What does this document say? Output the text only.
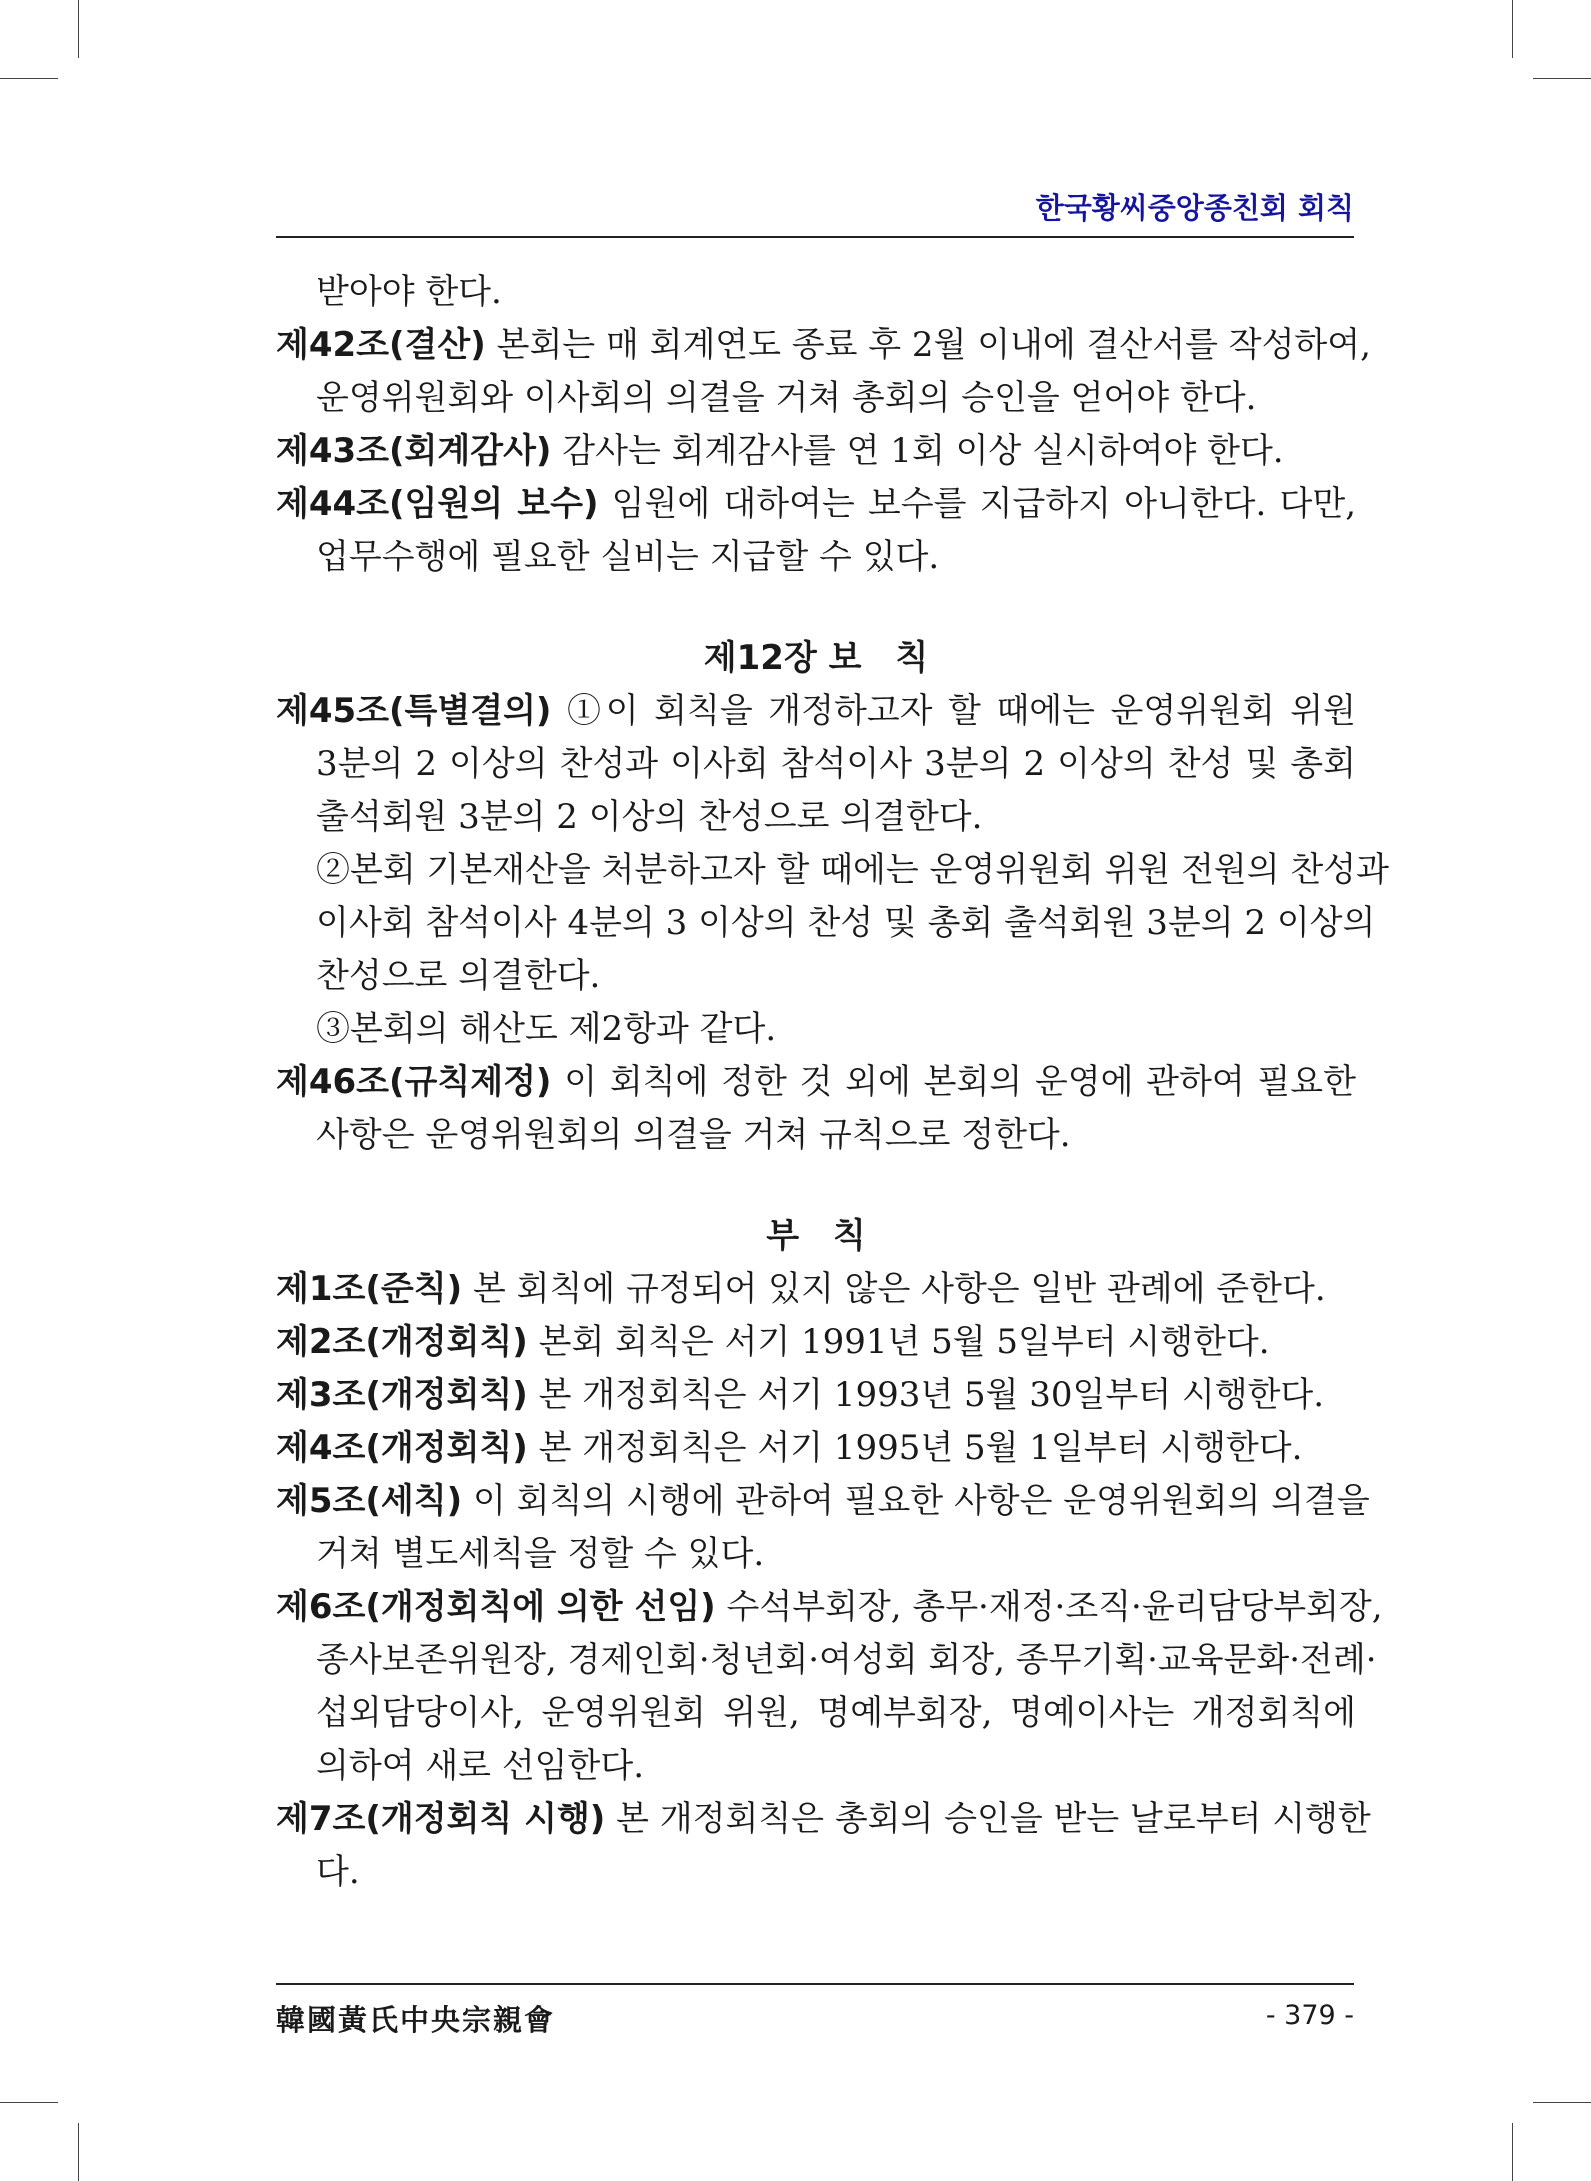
한국황씨중앙종친회 회칙
받아야 한다.
제42조(결산) 본회는 매 회계연도 종료 후 2월 이내에 결산서를 작성하여,
운영위원회와 이사회의 의결을 거쳐 총회의 승인을 얻어야 한다.
제43조(회계감사) 감사는 회계감사를 연 1회 이상 실시하여야 한다.
제44조(임원의 보수) 임원에 대하여는 보수를 지급하지 아니한다. 다만,
업무수행에 필요한 실비는 지급할 수 있다.
제12장 보 칙
제45조(특별결의) ①이 회칙을 개정하고자 할 때에는 운영위원회 위원
3분의 2 이상의 찬성과 이사회 참석이사 3분의 2 이상의 찬성 및 총회
출석회원 3분의 2 이상의 찬성으로 의결한다.
②본회 기본재산을 처분하고자 할 때에는 운영위원회 위원 전원의 찬성과
이사회 참석이사 4분의 3 이상의 찬성 및 총회 출석회원 3분의 2 이상의
찬성으로 의결한다.
③본회의 해산도 제2항과 같다.
제46조(규칙제정) 이 회칙에 정한 것 외에 본회의 운영에 관하여 필요한
사항은 운영위원회의 의결을 거쳐 규칙으로 정한다.
부 칙
제1조(준칙) 본 회칙에 규정되어 있지 않은 사항은 일반 관례에 준한다.
제2조(개정회칙) 본회 회칙은 서기 1991년 5월 5일부터 시행한다.
제3조(개정회칙) 본 개정회칙은 서기 1993년 5월 30일부터 시행한다.
제4조(개정회칙) 본 개정회칙은 서기 1995년 5월 1일부터 시행한다.
제5조(세칙) 이 회칙의 시행에 관하여 필요한 사항은 운영위원회의 의결을
거쳐 별도세칙을 정할 수 있다.
제6조(개정회칙에 의한 선임) 수석부회장, 총무·재정·조직·윤리담당부회장,
종사보존위원장, 경제인회·청년회·여성회 회장, 종무기획·교육문화·전례·
섭외담당이사, 운영위원회 위원, 명예부회장, 명예이사는 개정회칙에
의하여 새로 선임한다.
제7조(개정회칙 시행) 본 개정회칙은 총회의 승인을 받는 날로부터 시행한
다.
韓國黃氏中央宗親會	- 379 -
